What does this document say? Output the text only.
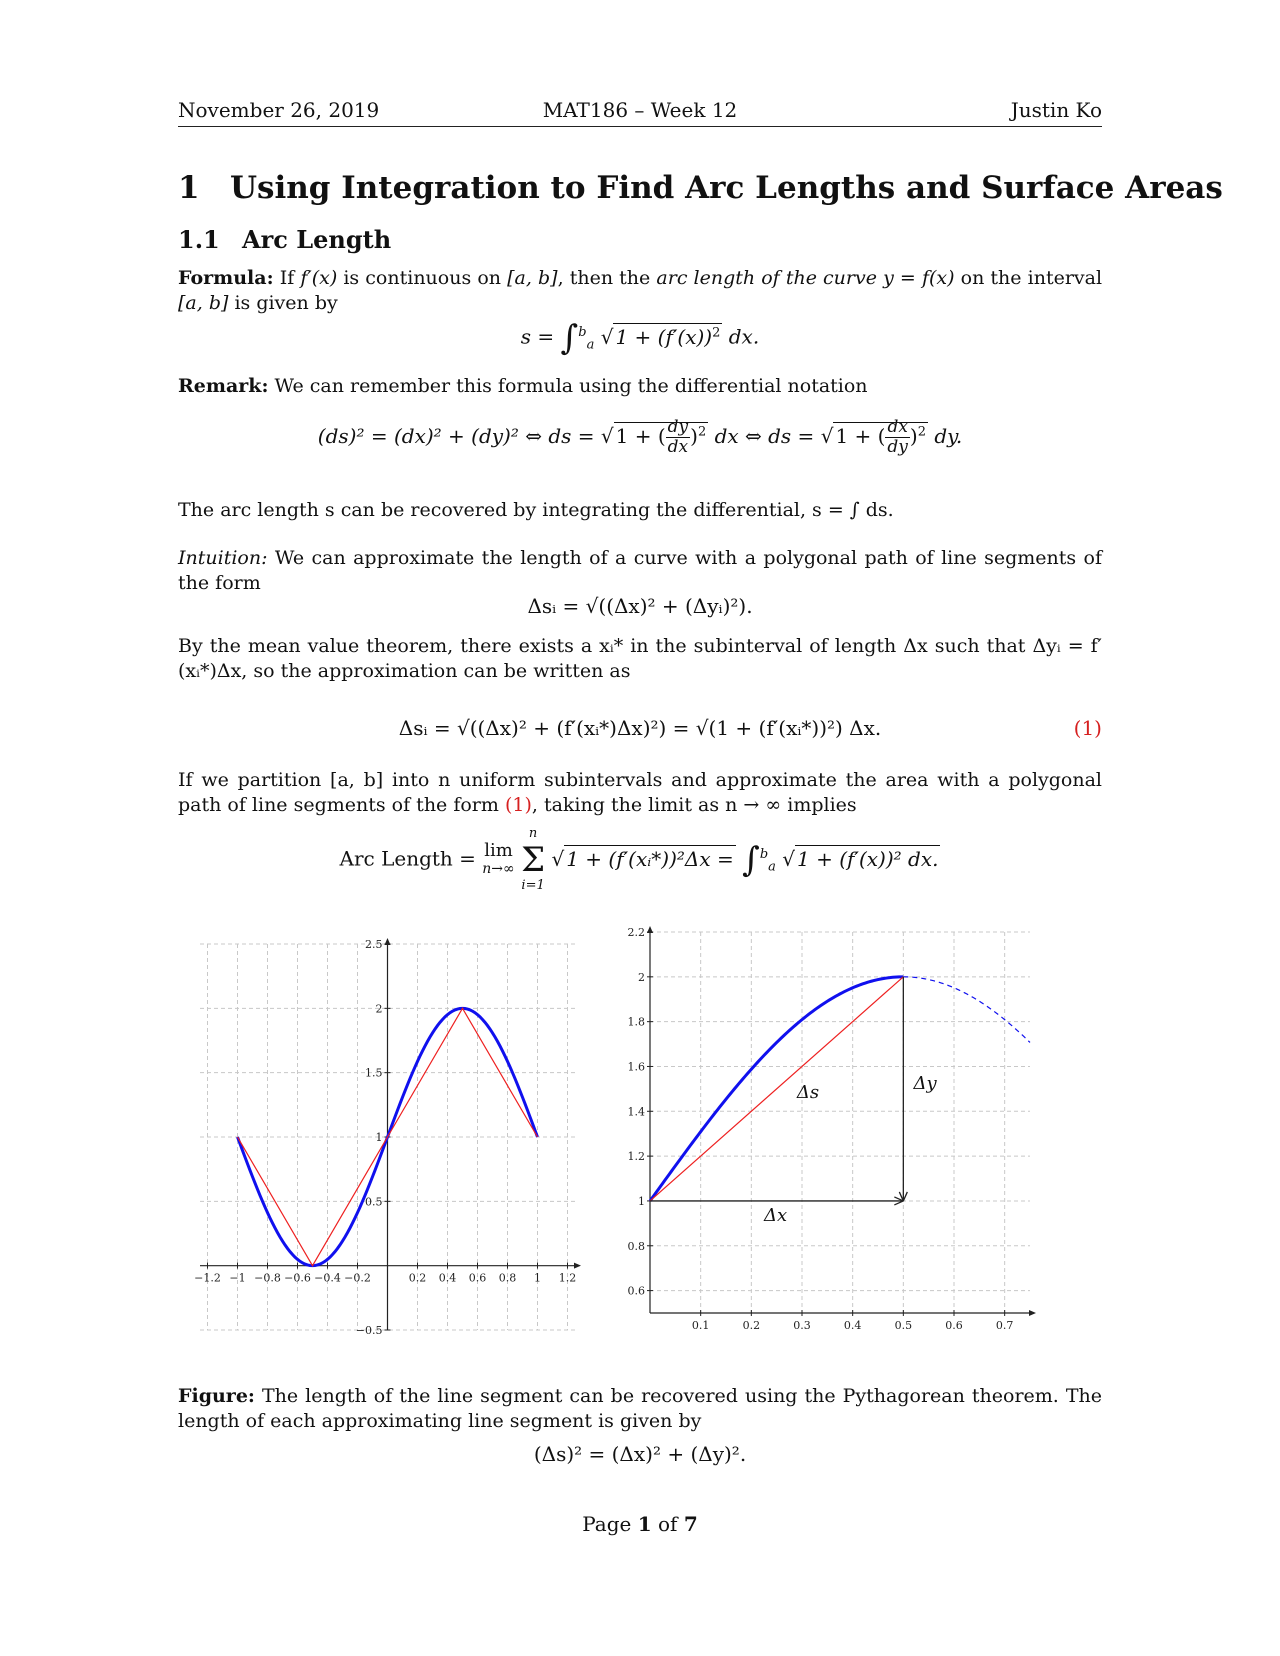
November 26, 2019	MAT186 – Week 12	Justin Ko
1 Using Integration to Find Arc Lengths and Surface Areas
1.1 Arc Length
Formula: If f′(x) is continuous on [a, b], then the arc length of the curve y = f(x) on the interval [a, b] is given by
s = ∫$^b_a$ √ $1 + (f'(x))^2$ dx.
Remark: We can remember this formula using the differential notation
(ds)² = (dx)² + (dy)² ⇔ ds = √ 1 + ( $\frac{dy}{dx} )^2$ dx ⇔ ds = √ 1 + ( $\frac{dx}{dy} )^2$ dy.
The arc length s can be recovered by integrating the differential, s = ∫ ds.
Intuition: We can approximate the length of a curve with a polygonal path of line segments of the form
Δsᵢ = √((Δx)² + (Δyᵢ)²).
By the mean value theorem, there exists a xᵢ* in the subinterval of length Δx such that Δyᵢ = f′(xᵢ*)Δx, so the approximation can be written as
Δsᵢ = √((Δx)² + (f′(xᵢ*)Δx)²) = √(1 + (f′(xᵢ*))²) Δx.	(1)
If we partition [a, b] into n uniform subintervals and approximate the area with a polygonal path of line segments of the form (1), taking the limit as n → ∞ implies
Arc Length = lim
n→∞

n
Σ
i=1
√ 1 + (f′(xᵢ*))²Δx = ∫$^b_a$ √ 1 + (f′(x))² dx.
−1.2 −1 −0.8 −0.6 −0.4 −0.2	0.2 0.4 0.6 0.8 1 1.2
−0.5
0.5
1
1.5
2
2.5
0.1	0.2	0.3	0.4	0.5	0.6	0.7
0.6
0.8
1
1.2
1.4
1.6
1.8
2
2.2
Δs
Δx
Δy
Figure: The length of the line segment can be recovered using the Pythagorean theorem. The length of each approximating line segment is given by
(Δs)² = (Δx)² + (Δy)².
Page 1 of 7
